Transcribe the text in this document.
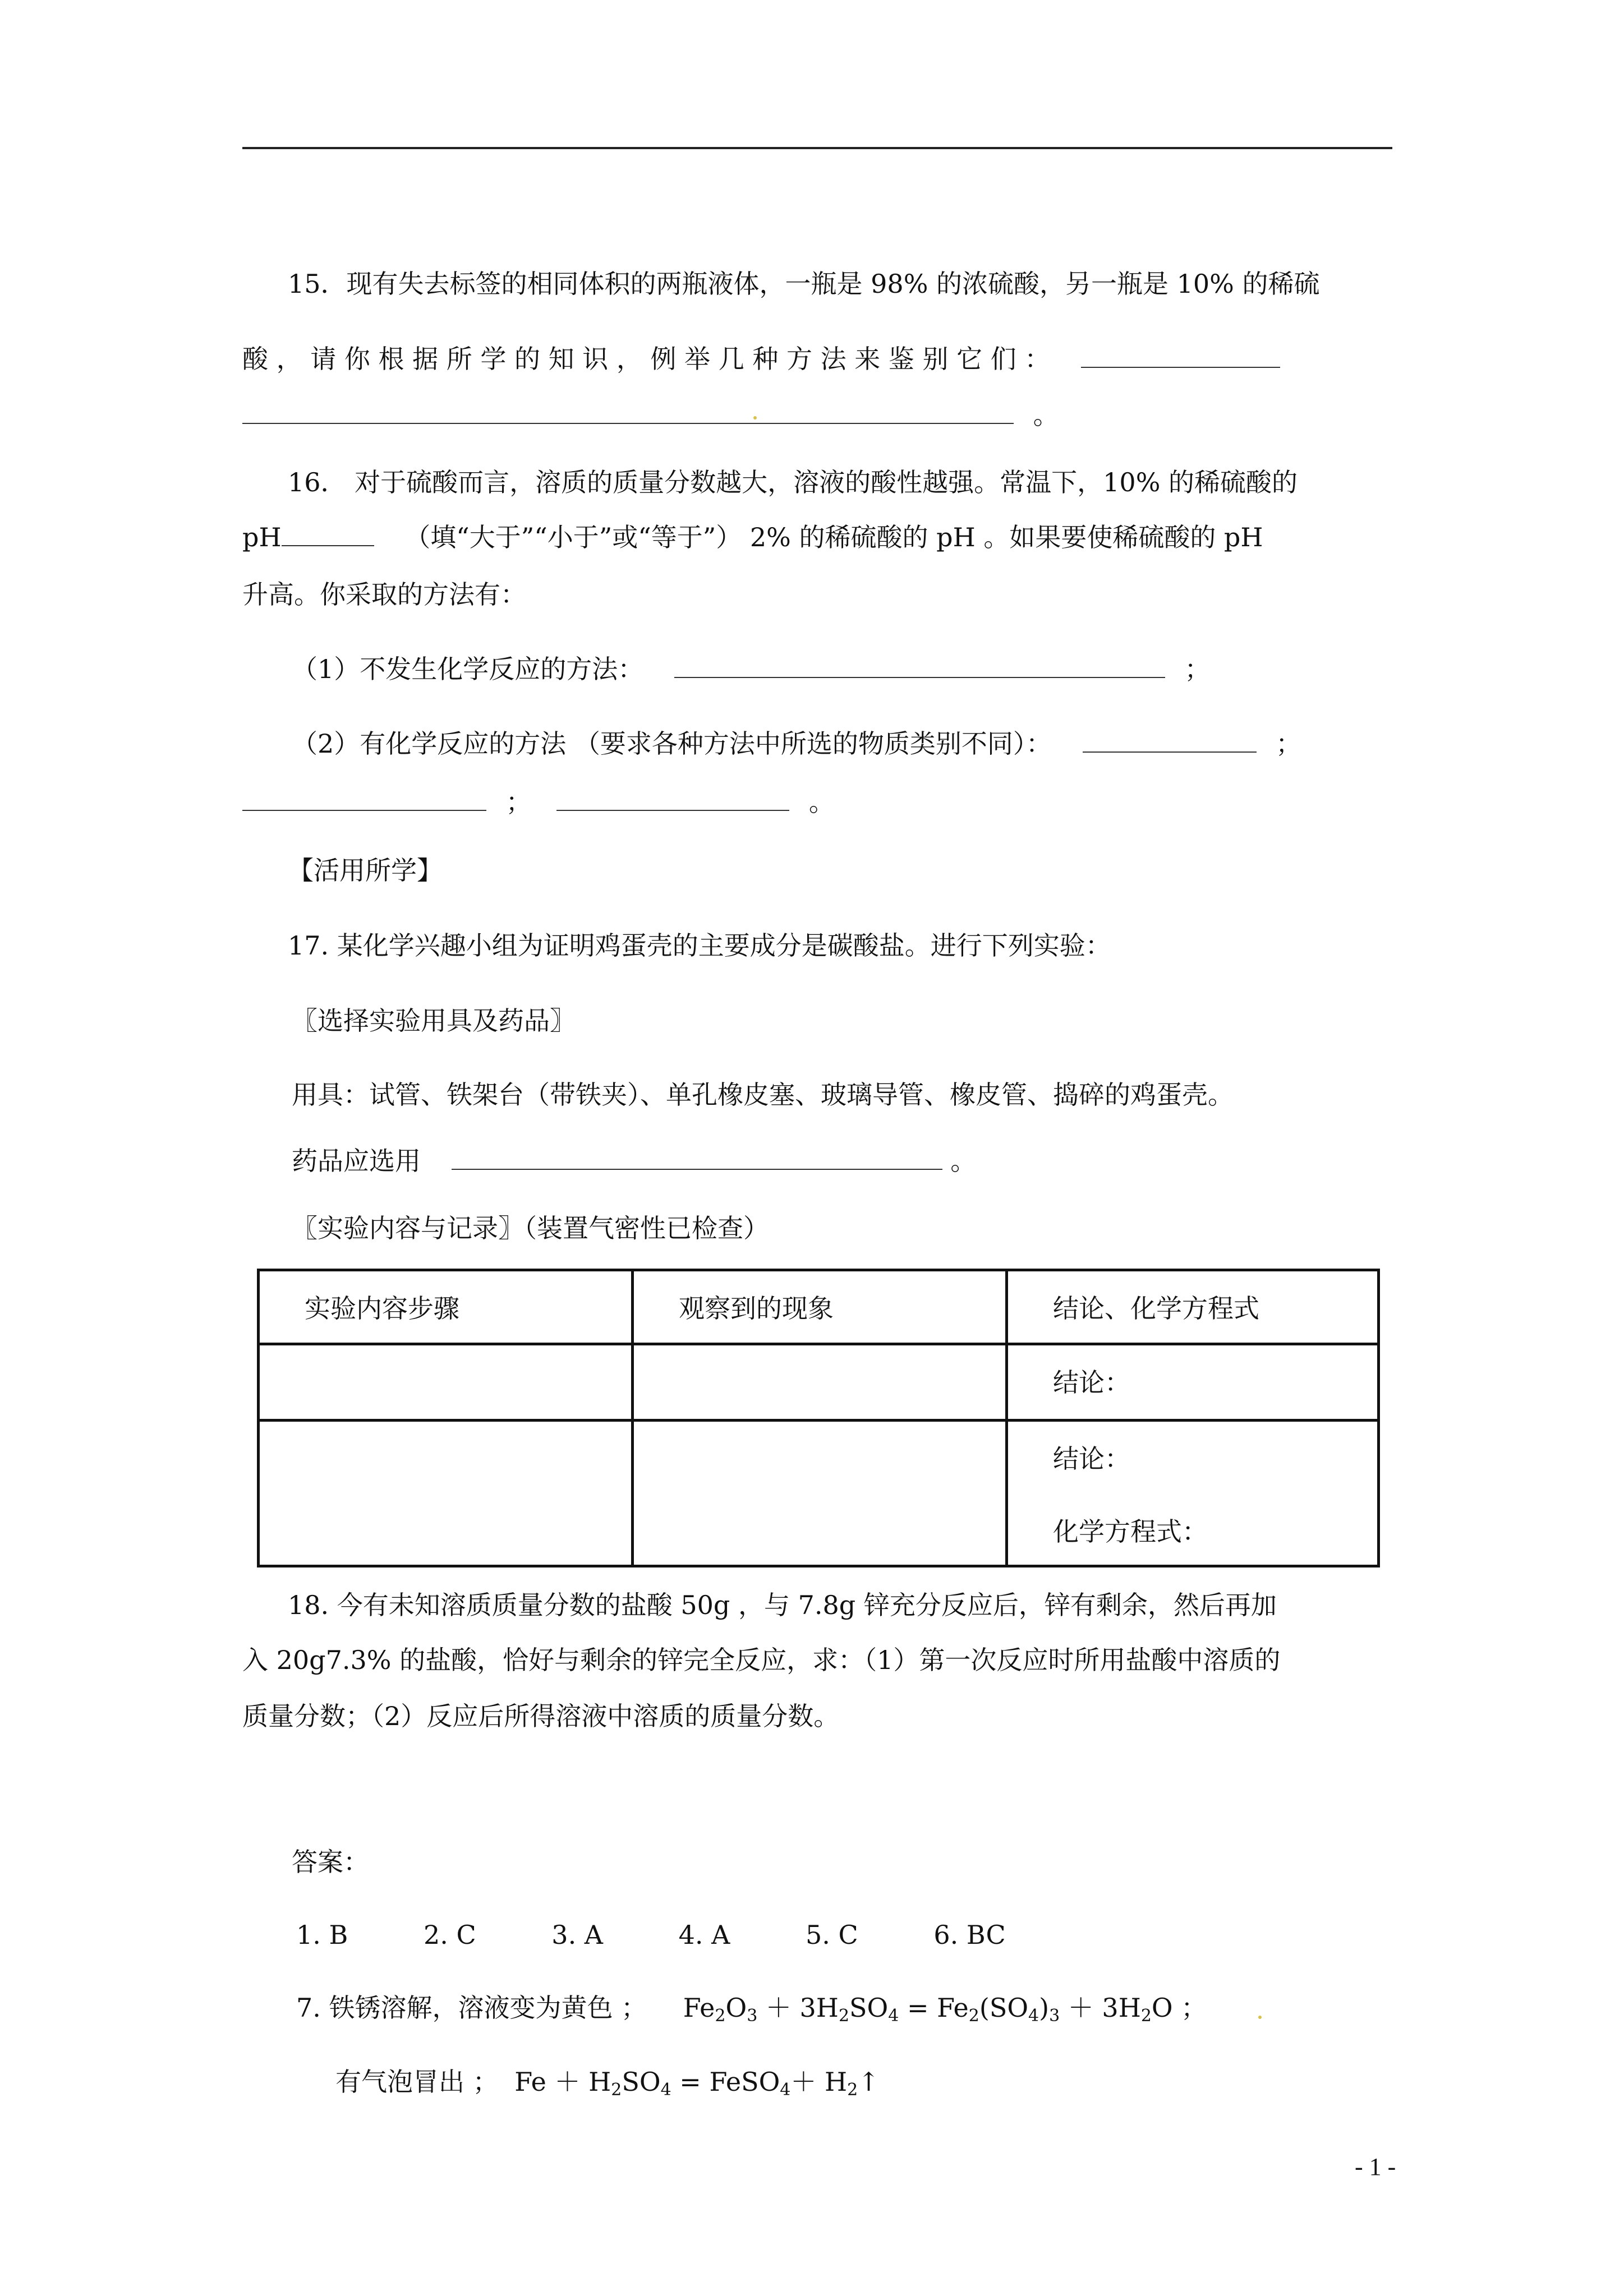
15．现有失去标签的相同体积的两瓶液体，一瓶是 98% 的浓硫酸，另一瓶是 10% 的稀硫
酸 ， 请 你 根 据 所 学 的 知 识 ， 例 举 几 种 方 法 来 鉴 别 它 们 ：
。
16． 对于硫酸而言，溶质的质量分数越大，溶液的酸性越强。常温下，10% 的稀硫酸的
pH	（填“大于”“小于”或“等于”） 2% 的稀硫酸的 pH 。如果要使稀硫酸的 pH
升高。你采取的方法有：
（1）不发生化学反应的方法：	；
（2）有化学反应的方法 （要求各种方法中所选的物质类别不同）：	；
；	。
【活用所学】
17. 某化学兴趣小组为证明鸡蛋壳的主要成分是碳酸盐。进行下列实验：
〖选择实验用具及药品〗
用具：试管、铁架台（带铁夹）、单孔橡皮塞、玻璃导管、橡皮管、捣碎的鸡蛋壳。
药品应选用	。
〖实验内容与记录〗（装置气密性已检查）
实验内容步骤	观察到的现象	结论、化学方程式

		结论：

		结论：
化学方程式：
18. 今有未知溶质质量分数的盐酸 50g ，与 7.8g 锌充分反应后，锌有剩余，然后再加
入 20g7.3% 的盐酸，恰好与剩余的锌完全反应，求：（1）第一次反应时所用盐酸中溶质的
质量分数；（2）反应后所得溶液中溶质的质量分数。
答案：
1. B	2. C	3. A	4. A	5. C	6. BC
7. 铁锈溶解，溶液变为黄色 ； $Fe_2O_3 + 3H_2SO_4 = Fe_2(SO_4)_3 + 3H_2O$ ；
有气泡冒出 ； $Fe + H_2SO_4$ = FeSO$_4$＋ $H_2↑$
- 1 -
